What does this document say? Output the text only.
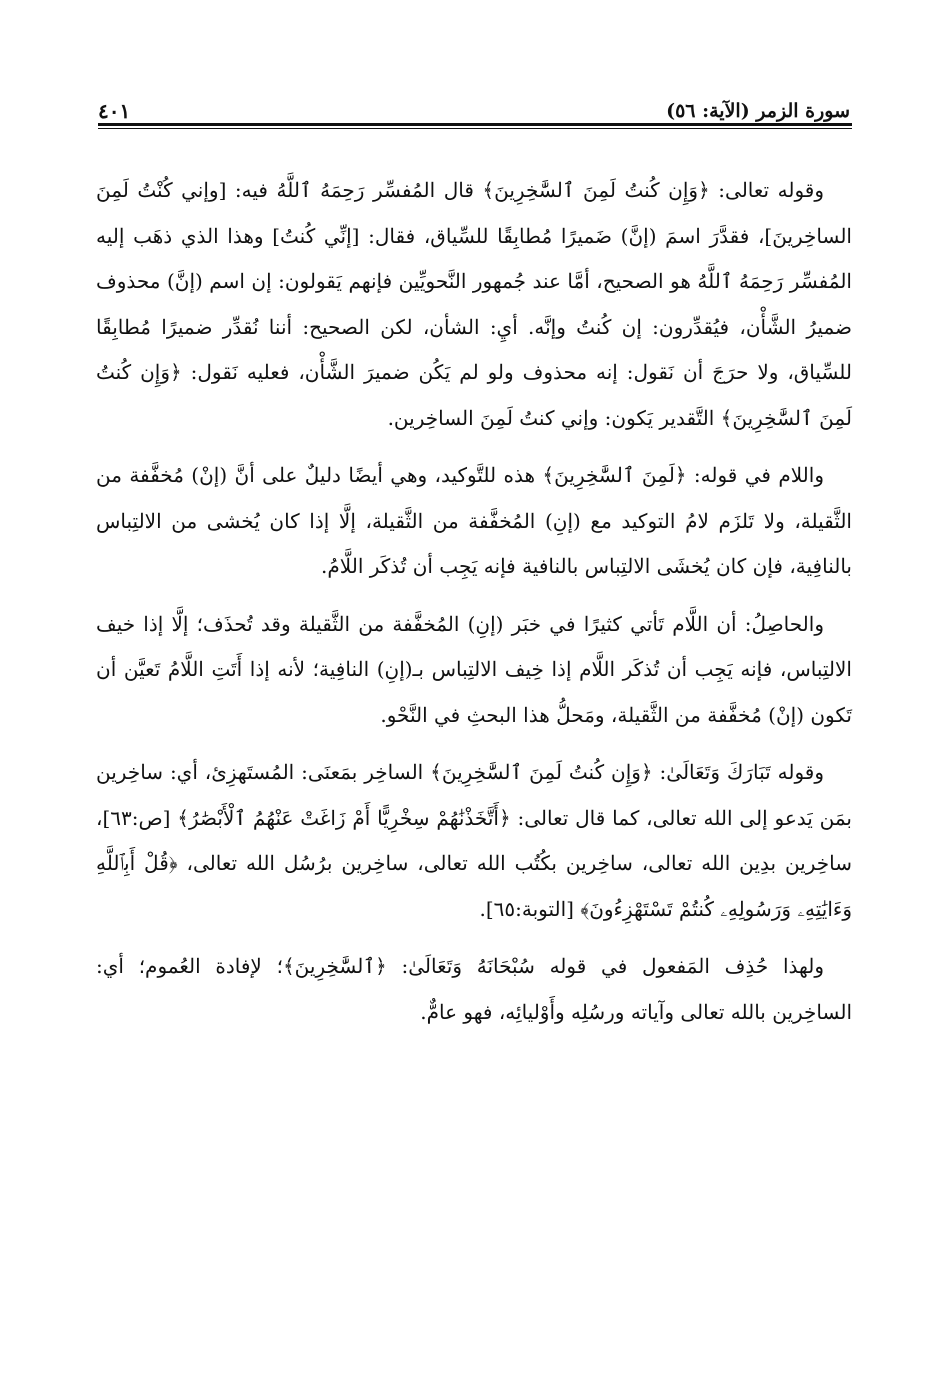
سورة الزمر (الآية: ٥٦)
٤٠١

وقوله تعالى: ﴿وَإِن كُنتُ لَمِنَ ٱلسَّٰخِرِينَ﴾ قال المُفسِّر رَحِمَهُ ٱللَّهُ فيه: [وإني كُنْتُ لَمِنَ الساخِرينَ]، فقدَّرَ اسمَ (إنَّ) ضَميرًا مُطابِقًا للسِّياق، فقال: [إنِّي كُنتُ] وهذا الذي ذهَب إليه المُفسِّر رَحِمَهُ ٱللَّهُ هو الصحيح، أمَّا عند جُمهور النَّحويِّين فإنهم يَقولون: إن اسم (إنَّ) محذوف ضميرُ الشَّأْن، فيُقدِّرون: إن كُنتُ وإنَّه. أيِ: الشأن، لكن الصحيح: أننا نُقدِّر ضميرًا مُطابِقًا للسِّياق، ولا حرَجَ أن نَقول: إنه محذوف ولو لم يَكُن ضميرَ الشَّأْن، فعليه نَقول: ﴿وَإِن كُنتُ لَمِنَ ٱلسَّٰخِرِينَ﴾ التَّقدير يَكون: وإني كنتُ لَمِنَ الساخِرين.

واللام في قوله: ﴿لَمِنَ ٱلسَّٰخِرِينَ﴾ هذه للتَّوكيد، وهي أيضًا دليلٌ على أنَّ (إنْ) مُخفَّفة من الثَّقيلة، ولا تَلزَم لامُ التوكيد مع (إنِ) المُخفَّفة من الثَّقيلة، إلَّا إذا كان يُخشى من الالتِباس بالنافِية، فإن كان يُخشَى الالتِباس بالنافية فإنه يَجِب أن تُذكَر اللَّامُ.

والحاصِلُ: أن اللَّام تَأتي كثيرًا في خبَر (إنِ) المُخفَّفة من الثَّقيلة وقد تُحذَف؛ إلَّا إذا خيف الالتِباس، فإنه يَجِب أن تُذكَر اللَّام إذا خِيف الالتِباس بـ(إنِ) النافِية؛ لأنه إذا أَتَتِ اللَّامُ تَعيَّن أن تَكون (إنْ) مُخفَّفة من الثَّقيلة، ومَحلُّ هذا البحثِ في النَّحْو.

وقوله تَبَارَكَ وَتَعَالَىٰ: ﴿وَإِن كُنتُ لَمِنَ ٱلسَّٰخِرِينَ﴾ الساخِر بمَعنَى: المُستَهزِئ، أي: ساخِرين بمَن يَدعو إلى الله تعالى، كما قال تعالى: ﴿أَتَّخَذْنَٰهُمْ سِخْرِيًّا أَمْ زَاغَتْ عَنْهُمُ ٱلْأَبْصَٰرُ﴾ [ص:٦٣]، ساخِرين بدِين الله تعالى، ساخِرين بكُتُب الله تعالى، ساخِرين برُسُل الله تعالى، ﴿قُلْ أَبِٱللَّهِ وَءَايَٰتِهِۦ وَرَسُولِهِۦ كُنتُمْ تَسْتَهْزِءُونَ﴾ [التوبة:٦٥].

ولهذا حُذِف المَفعول في قوله سُبْحَانَهُ وَتَعَالَىٰ: ﴿ٱلسَّٰخِرِينَ﴾؛ لإفادة العُموم؛ أي: الساخِرين بالله تعالى وآياته ورسُلِه وأَوْليائِه، فهو عامٌّ.
